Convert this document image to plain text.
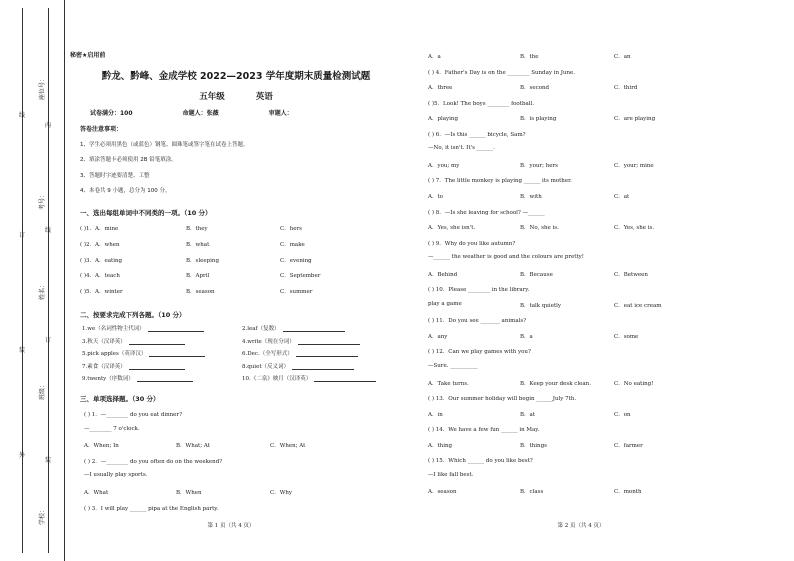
学校：
班级：
姓名：
考号：
座位号：
线
订
装
外
内
线
订
装
秘密★启用前
黔龙、黔峰、金成学校 2022—2023 学年度期末质量检测试题
五年级	英语
试卷满分：100	命题人：张薇	审题人：
答卷注意事项：
1、学生必须用黑色（或蓝色）钢笔、圆珠笔或签字笔在试卷上答题。
2、填涂答题卡必须使用 2B 铅笔填涂。
3、答题时字迹要清楚、工整
4、本卷共 9 小题，总分为 100 分。
一、选出每组单词中不同类的一项。（10 分）
( )1．A．mine	B．they	C．hers
( )2．A．when	B．what	C．make
( )3．A．eating	B．sleeping	C．evening
( )4．A．teach	B．April	C．September
( )5．A．winter	B．season	C．summer
二、按要求完成下列各题。（10 分）
1.we（名词性物主代词）	2.leaf（复数）
3.秋天（汉译英）	4.write（现在分词）
5.pick apples（英译汉）	6.Dec.（全写形式）
7.素食（汉译英）	8.quiet（反义词）
9.twenty（序数词）	10.《二泉》映月（汉译英）
三、单项选择题。（30 分）
( ) 1．—________ do you eat dinner?
—________ 7 o'clock.
A．When; In	B．What; At	C．When; At
( ) 2．—________ do you often do on the weekend?
—I usually play sports.
A．What	B．When	C．Why
( ) 3．I will play ______ pipa at the English party.
第 1 页（共 4 页）
A．a	B．the	C．an
( ) 4．Father's Day is on the ________ Sunday in June.
A．three	B．second	C．third
( )5．Look! The boys ________ football.
A．playing	B．is playing	C．are playing
( ) 6．—Is this ______ bicycle, Sam?
—No, it isn't. It's ______.
A．you; my	B．your; hers	C．your; mine
( ) 7．The little monkey is playing ______ its mother.
A．to	B．with	C．at
( ) 8．—Is she leaving for school? —______
A．Yes, she isn't.	B．No, she is.	C．Yes, she is.
( ) 9．Why do you like autumn?
—______ the weather is good and the colours are pretty!
A．Behind	B．Because	C．Between
( ) 10．Please ________ in the library.
play a game	B．talk quietly	C．eat ice cream
( ) 11．Do you see _______ animals?
A．any	B．a	C．some
( ) 12．Can we play games with you?
—Sure. __________
A．Take turns.	B．Keep your desk clean.	C．No eating!
( ) 13．Our summer holiday will begin ______July 7th.
A．in	B．at	C．on
( ) 14．We have a few fun ______ in May.
A．thing	B．things	C．farmer
( ) 15．Which ______ do you like best?
—I like fall best.
A．season	B．class	C．month
第 2 页（共 4 页）
